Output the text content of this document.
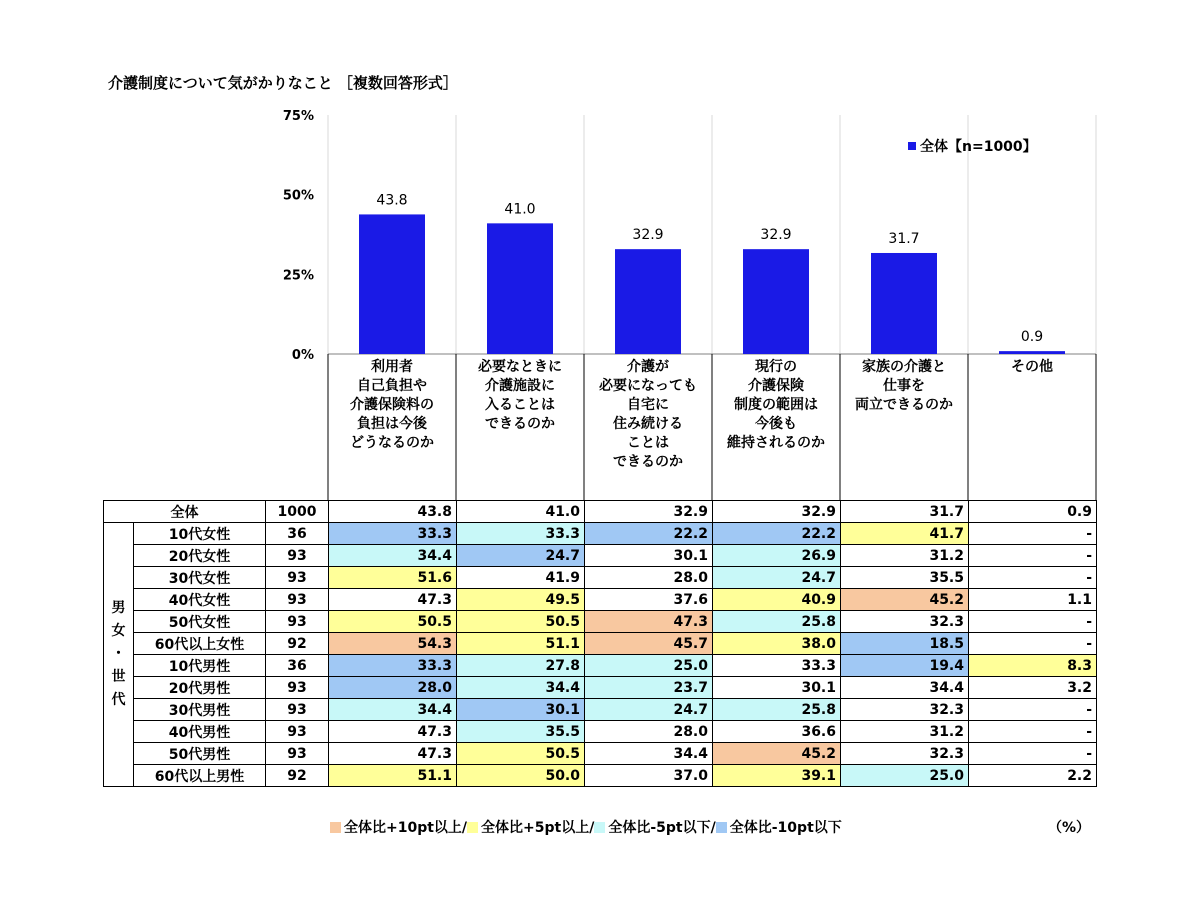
介護制度について気がかりなこと ［複数回答形式］
0%
25%
50%
75%
43.8
41.0
32.9	32.9	31.7
0.9
全体【n=1000】
利用者
自己負担や
介護保険料の
負担は今後
どうなるのか
必要なときに
介護施設に
入ることは
できるのか
介護が
必要になっても
自宅に
住み続ける
ことは
できるのか
現行の
介護保険
制度の範囲は
今後も
維持されるのか
家族の介護と
仕事を
両立できるのか
その他
全体		1000	43.8	41.0	32.9	32.9	31.7	0.9

男
女
・
世
代	10代女性	36	33.3	33.3	22.2	22.2	41.7	-
	20代女性	93	34.4	24.7	30.1	26.9	31.2	-
	30代女性	93	51.6	41.9	28.0	24.7	35.5	-
	40代女性	93	47.3	49.5	37.6	40.9	45.2	1.1
	50代女性	93	50.5	50.5	47.3	25.8	32.3	-
	60代以上女性	92	54.3	51.1	45.7	38.0	18.5	-
	10代男性	36	33.3	27.8	25.0	33.3	19.4	8.3
	20代男性	93	28.0	34.4	23.7	30.1	34.4	3.2
	30代男性	93	34.4	30.1	24.7	25.8	32.3	-
	40代男性	93	47.3	35.5	28.0	36.6	31.2	-
	50代男性	93	47.3	50.5	34.4	45.2	32.3	-
	60代以上男性	92	51.1	50.0	37.0	39.1	25.0	2.2
全体比+10pt以上/ 全体比+5pt以上/ 全体比-5pt以下/ 全体比-10pt以下	（%）
